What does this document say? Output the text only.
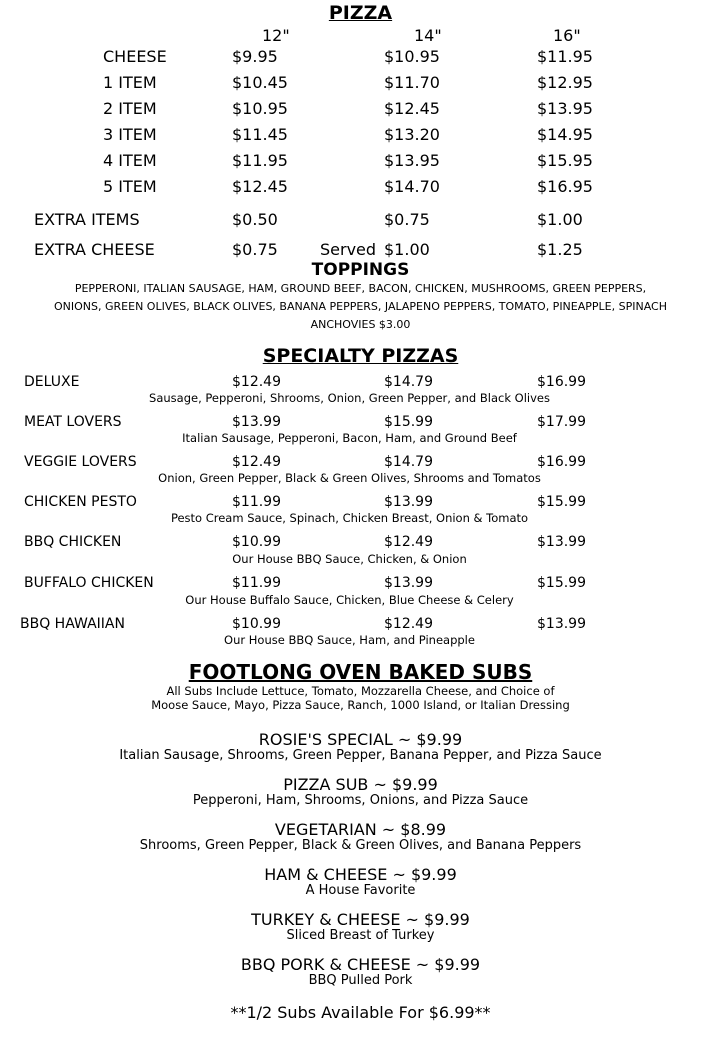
PIZZA
12"	14"	16"
CHEESE	$9.95	$10.95	$11.95
1 ITEM	$10.45	$11.70	$12.95
2 ITEM	$10.95	$12.45	$13.95
3 ITEM	$11.45	$13.20	$14.95
4 ITEM	$11.95	$13.95	$15.95
5 ITEM	$12.45	$14.70	$16.95
EXTRA ITEMS	$0.50	$0.75	$1.00
EXTRA CHEESE	$0.75	Served $1.00	$1.25
TOPPINGS
PEPPERONI, ITALIAN SAUSAGE, HAM, GROUND BEEF, BACON, CHICKEN, MUSHROOMS, GREEN PEPPERS,
ONIONS, GREEN OLIVES, BLACK OLIVES, BANANA PEPPERS, JALAPENO PEPPERS, TOMATO, PINEAPPLE, SPINACH
ANCHOVIES $3.00
SPECIALTY PIZZAS
DELUXE	$12.49	$14.79	$16.99
Sausage, Pepperoni, Shrooms, Onion, Green Pepper, and Black Olives
MEAT LOVERS	$13.99	$15.99	$17.99
Italian Sausage, Pepperoni, Bacon, Ham, and Ground Beef
VEGGIE LOVERS	$12.49	$14.79	$16.99
Onion, Green Pepper, Black & Green Olives, Shrooms and Tomatos
CHICKEN PESTO	$11.99	$13.99	$15.99
Pesto Cream Sauce, Spinach, Chicken Breast, Onion & Tomato
BBQ CHICKEN	$10.99	$12.49	$13.99
Our House BBQ Sauce, Chicken, & Onion
BUFFALO CHICKEN	$11.99	$13.99	$15.99
Our House Buffalo Sauce, Chicken, Blue Cheese & Celery
BBQ HAWAIIAN	$10.99	$12.49	$13.99
Our House BBQ Sauce, Ham, and Pineapple
FOOTLONG OVEN BAKED SUBS
All Subs Include Lettuce, Tomato, Mozzarella Cheese, and Choice of
Moose Sauce, Mayo, Pizza Sauce, Ranch, 1000 Island, or Italian Dressing
ROSIE'S SPECIAL ~ $9.99
Italian Sausage, Shrooms, Green Pepper, Banana Pepper, and Pizza Sauce
PIZZA SUB ~ $9.99
Pepperoni, Ham, Shrooms, Onions, and Pizza Sauce
VEGETARIAN ~ $8.99
Shrooms, Green Pepper, Black & Green Olives, and Banana Peppers
HAM & CHEESE ~ $9.99
A House Favorite
TURKEY & CHEESE ~ $9.99
Sliced Breast of Turkey
BBQ PORK & CHEESE ~ $9.99
BBQ Pulled Pork
**1/2 Subs Available For $6.99**
